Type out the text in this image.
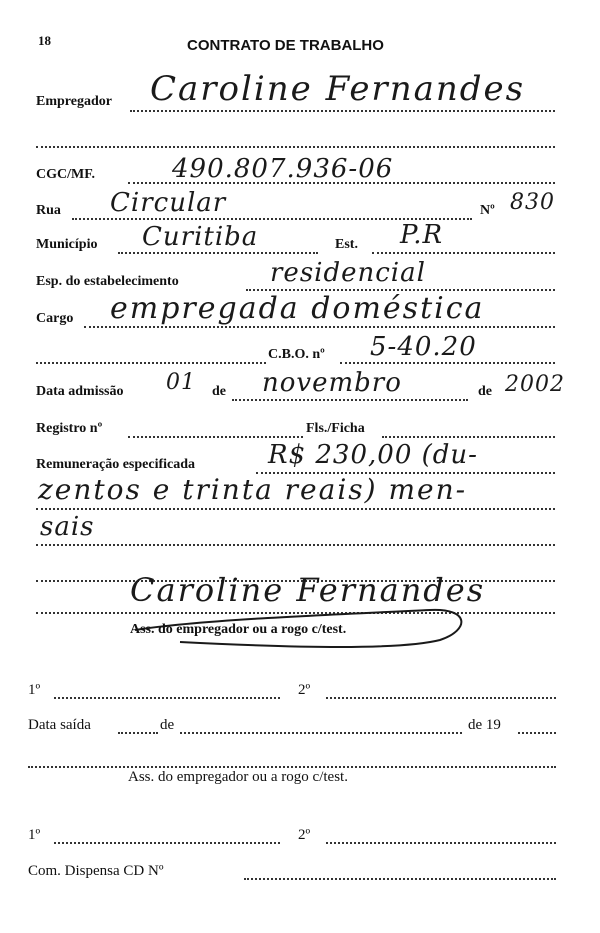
18	CONTRATO DE TRABALHO
Empregador Caroline Fernandes
CGC/MF.	490.807.936-06
Rua Circular	Nº 830
Município Curitiba	Est. P.R
Esp. do estabelecimento	residencial
Cargo empregada doméstica
C.B.O. nº 5-40.20
Data admissão 01 de novembro	de 2002
Registro nº	Fls./Ficha
Remuneração especificada	R$ 230,00 (du-
zentos e trinta reais) men-
sais
Caroline Fernandes
Ass. do empregador ou a rogo c/test.
1º	2º
Data saída	de	de 19
Ass. do empregador ou a rogo c/test.
1º	2º
Com. Dispensa CD Nº
